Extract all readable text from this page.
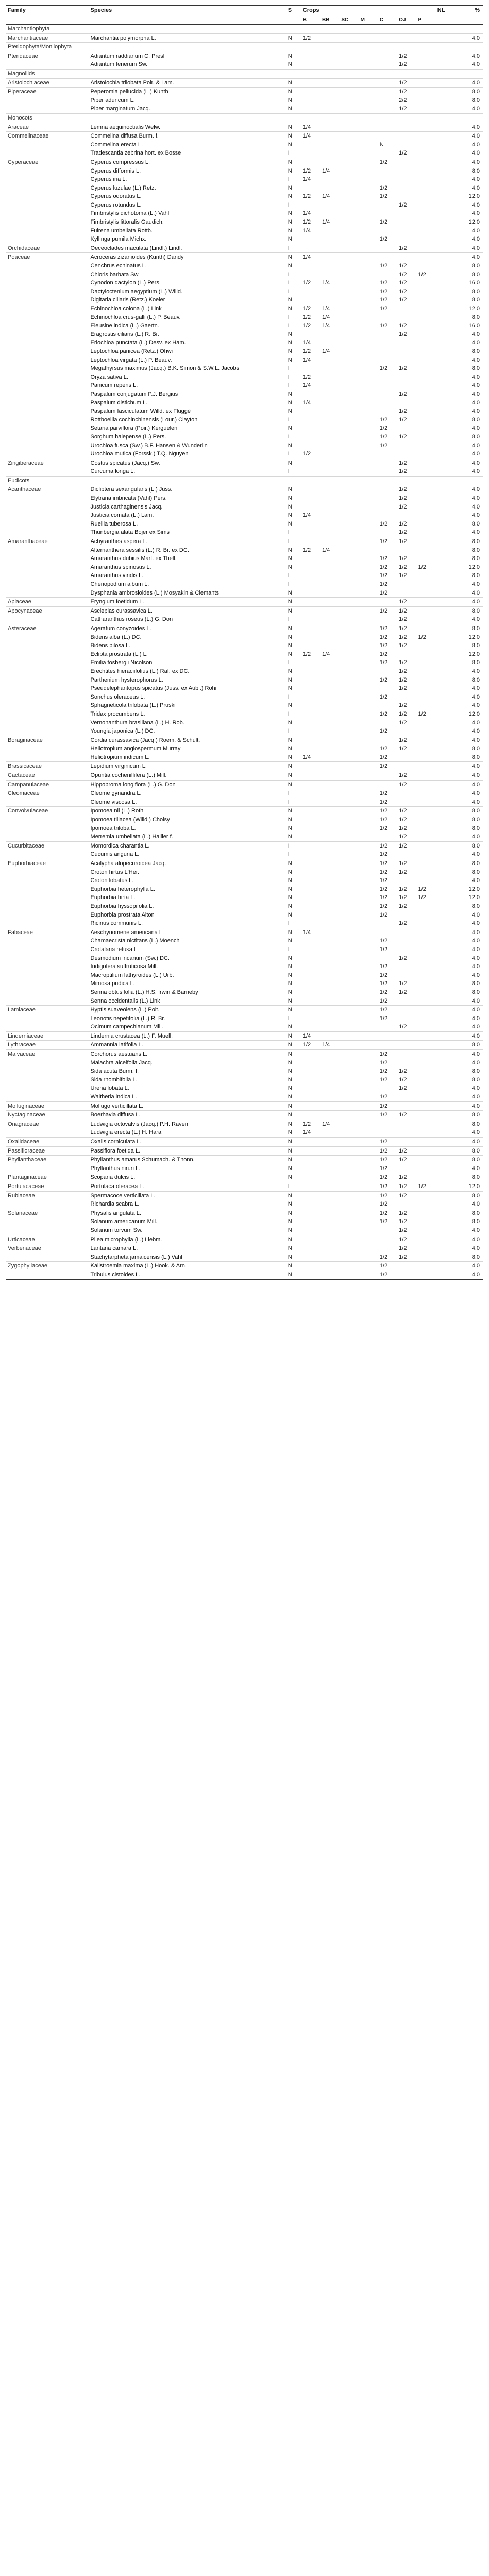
Family	Species	S	Crops							NL	%
			B	BB	SC	M	C	OJ	P		
Marchantiophyta											
Marchantiaceae	Marchantia polymorpha L.	N	1/2								4.0
Pteridophyta/Monilophyta											
Pteridaceae	Adiantum raddianum C. Presl	N						1/2			4.0
	Adiantum tenerum Sw.	N						1/2			4.0
Magnoliids											
Aristolochiaceae	Aristolochia trilobata Poir. & Lam.	N						1/2			4.0
Piperaceae	Peperomia pellucida (L.) Kunth	N						1/2			8.0
	Piper aduncum L.	N						2/2			8.0
	Piper marginatum Jacq.	N						1/2			4.0
Monocots											
Araceae	Lemna aequinoctialis Welw.	N	1/4								4.0
Commelinaceae	Commelina diffusa Burm. f.	N	1/4								4.0
	Commelina erecta L.	N					N				4.0
	Tradescantia zebrina hort. ex Bosse	I						1/2			4.0
Cyperaceae	Cyperus compressus L.	N					1/2				4.0
	Cyperus difformis L.	N	1/2	1/4							8.0
	Cyperus iria L.	I	1/4								4.0
	Cyperus luzulae (L.) Retz.	N					1/2				4.0
	Cyperus odoratus L.	N	1/2	1/4			1/2				12.0
	Cyperus rotundus L.	I						1/2			4.0
	Fimbristylis dichotoma (L.) Vahl	N	1/4								4.0
	Fimbristylis littoralis Gaudich.	N	1/2	1/4			1/2				12.0
	Fuirena umbellata Rottb.	N	1/4								4.0
	Kyllinga pumila Michx.	N					1/2				4.0
Orchidaceae	Oeceoclades maculata (Lindl.) Lindl.	I						1/2			4.0
Poaceae	Acroceras zizanioides (Kunth) Dandy	N	1/4								4.0
	Cenchrus echinatus L.	N					1/2	1/2			8.0
	Chloris barbata Sw.	I						1/2	1/2		8.0
	Cynodon dactylon (L.) Pers.	I	1/2	1/4			1/2	1/2			16.0
	Dactyloctenium aegyptium (L.) Willd.	I					1/2	1/2			8.0
	Digitaria ciliaris (Retz.) Koeler	N					1/2	1/2			8.0
	Echinochloa colona (L.) Link	N	1/2	1/4			1/2				12.0
	Echinochloa crus-galli (L.) P. Beauv.	I	1/2	1/4							8.0
	Eleusine indica (L.) Gaertn.	I	1/2	1/4			1/2	1/2			16.0
	Eragrostis ciliaris (L.) R. Br.	N						1/2			4.0
	Eriochloa punctata (L.) Desv. ex Ham.	N	1/4								4.0
	Leptochloa panicea (Retz.) Ohwi	N	1/2	1/4							8.0
	Leptochloa virgata (L.) P. Beauv.	N	1/4								4.0
	Megathyrsus maximus (Jacq.) B.K. Simon & S.W.L. Jacobs	I					1/2	1/2			8.0
	Oryza sativa L.	I	1/2								4.0
	Panicum repens L.	I	1/4								4.0
	Paspalum conjugatum P.J. Bergius	N						1/2			4.0
	Paspalum distichum L.	N	1/4								4.0
	Paspalum fasciculatum Willd. ex Flüggé	N						1/2			4.0
	Rottboellia cochinchinensis (Lour.) Clayton	I					1/2	1/2			8.0
	Setaria parviflora (Poir.) Kerguélen	N					1/2				4.0
	Sorghum halepense (L.) Pers.	I					1/2	1/2			8.0
	Urochloa fusca (Sw.) B.F. Hansen & Wunderlin	N					1/2				4.0
	Urochloa mutica (Forssk.) T.Q. Nguyen	I	1/2								4.0
Zingiberaceae	Costus spicatus (Jacq.) Sw.	N						1/2			4.0
	Curcuma longa L.	I						1/2			4.0
Eudicots											
Acanthaceae	Dicliptera sexangularis (L.) Juss.	N						1/2			4.0
	Elytraria imbricata (Vahl) Pers.	N						1/2			4.0
	Justicia carthaginensis Jacq.	N						1/2			4.0
	Justicia comata (L.) Lam.	N	1/4								4.0
	Ruellia tuberosa L.	N					1/2	1/2			8.0
	Thunbergia alata Bojer ex Sims	I						1/2			4.0
Amaranthaceae	Achyranthes aspera L.	I					1/2	1/2			8.0
	Alternanthera sessilis (L.) R. Br. ex DC.	N	1/2	1/4							8.0
	Amaranthus dubius Mart. ex Thell.	N					1/2	1/2			8.0
	Amaranthus spinosus L.	N					1/2	1/2	1/2		12.0
	Amaranthus viridis L.	I					1/2	1/2			8.0
	Chenopodium album L.	I					1/2				4.0
	Dysphania ambrosioides (L.) Mosyakin & Clemants	N					1/2				4.0
Apiaceae	Eryngium foetidum L.	N						1/2			4.0
Apocynaceae	Asclepias curassavica L.	N					1/2	1/2			8.0
	Catharanthus roseus (L.) G. Don	I						1/2			4.0
Asteraceae	Ageratum conyzoides L.	N					1/2	1/2			8.0
	Bidens alba (L.) DC.	N					1/2	1/2	1/2		12.0
	Bidens pilosa L.	N					1/2	1/2			8.0
	Eclipta prostrata (L.) L.	N	1/2	1/4			1/2				12.0
	Emilia fosbergii Nicolson	I					1/2	1/2			8.0
	Erechtites hieraciifolius (L.) Raf. ex DC.	N						1/2			4.0
	Parthenium hysterophorus L.	N					1/2	1/2			8.0
	Pseudelephantopus spicatus (Juss. ex Aubl.) Rohr	N						1/2			4.0
	Sonchus oleraceus L.	I					1/2				4.0
	Sphagneticola trilobata (L.) Pruski	N						1/2			4.0
	Tridax procumbens L.	I					1/2	1/2	1/2		12.0
	Vernonanthura brasiliana (L.) H. Rob.	N						1/2			4.0
	Youngia japonica (L.) DC.	I					1/2				4.0
Boraginaceae	Cordia curassavica (Jacq.) Roem. & Schult.	N						1/2			4.0
	Heliotropium angiospermum Murray	N					1/2	1/2			8.0
	Heliotropium indicum L.	N	1/4				1/2				8.0
Brassicaceae	Lepidium virginicum L.	N					1/2				4.0
Cactaceae	Opuntia cochenillifera (L.) Mill.	N						1/2			4.0
Campanulaceae	Hippobroma longiflora (L.) G. Don	N						1/2			4.0
Cleomaceae	Cleome gynandra L.	I					1/2				4.0
	Cleome viscosa L.	I					1/2				4.0
Convolvulaceae	Ipomoea nil (L.) Roth	N					1/2	1/2			8.0
	Ipomoea tiliacea (Willd.) Choisy	N					1/2	1/2			8.0
	Ipomoea triloba L.	N					1/2	1/2			8.0
	Merremia umbellata (L.) Hallier f.	N						1/2			4.0
Cucurbitaceae	Momordica charantia L.	I					1/2	1/2			8.0
	Cucumis anguria L.	I					1/2				4.0
Euphorbiaceae	Acalypha alopecuroidea Jacq.	N					1/2	1/2			8.0
	Croton hirtus L'Hér.	N					1/2	1/2			8.0
	Croton lobatus L.	N					1/2				4.0
	Euphorbia heterophylla L.	N					1/2	1/2	1/2		12.0
	Euphorbia hirta L.	N					1/2	1/2	1/2		12.0
	Euphorbia hyssopifolia L.	N					1/2	1/2			8.0
	Euphorbia prostrata Aiton	N					1/2				4.0
	Ricinus communis L.	I						1/2			4.0
Fabaceae	Aeschynomene americana L.	N	1/4								4.0
	Chamaecrista nictitans (L.) Moench	N					1/2				4.0
	Crotalaria retusa L.	I					1/2				4.0
	Desmodium incanum (Sw.) DC.	N						1/2			4.0
	Indigofera suffruticosa Mill.	N					1/2				4.0
	Macroptilium lathyroides (L.) Urb.	N					1/2				4.0
	Mimosa pudica L.	N					1/2	1/2			8.0
	Senna obtusifolia (L.) H.S. Irwin & Barneby	N					1/2	1/2			8.0
	Senna occidentalis (L.) Link	N					1/2				4.0
Lamiaceae	Hyptis suaveolens (L.) Poit.	N					1/2				4.0
	Leonotis nepetifolia (L.) R. Br.	I					1/2				4.0
	Ocimum campechianum Mill.	N						1/2			4.0
Linderniaceae	Lindernia crustacea (L.) F. Muell.	N	1/4								4.0
Lythraceae	Ammannia latifolia L.	N	1/2	1/4							8.0
Malvaceae	Corchorus aestuans L.	N					1/2				4.0
	Malachra alceifolia Jacq.	N					1/2				4.0
	Sida acuta Burm. f.	N					1/2	1/2			8.0
	Sida rhombifolia L.	N					1/2	1/2			8.0
	Urena lobata L.	N						1/2			4.0
	Waltheria indica L.	N					1/2				4.0
Molluginaceae	Mollugo verticillata L.	N					1/2				4.0
Nyctaginaceae	Boerhavia diffusa L.	N					1/2	1/2			8.0
Onagraceae	Ludwigia octovalvis (Jacq.) P.H. Raven	N	1/2	1/4							8.0
	Ludwigia erecta (L.) H. Hara	N	1/4								4.0
Oxalidaceae	Oxalis corniculata L.	N					1/2				4.0
Passifloraceae	Passiflora foetida L.	N					1/2	1/2			8.0
Phyllanthaceae	Phyllanthus amarus Schumach. & Thonn.	N					1/2	1/2			8.0
	Phyllanthus niruri L.	N					1/2				4.0
Plantaginaceae	Scoparia dulcis L.	N					1/2	1/2			8.0
Portulacaceae	Portulaca oleracea L.	I					1/2	1/2	1/2		12.0
Rubiaceae	Spermacoce verticillata L.	N					1/2	1/2			8.0
	Richardia scabra L.	N					1/2				4.0
Solanaceae	Physalis angulata L.	N					1/2	1/2			8.0
	Solanum americanum Mill.	N					1/2	1/2			8.0
	Solanum torvum Sw.	N						1/2			4.0
Urticaceae	Pilea microphylla (L.) Liebm.	N						1/2			4.0
Verbenaceae	Lantana camara L.	N						1/2			4.0
	Stachytarpheta jamaicensis (L.) Vahl	N					1/2	1/2			8.0
Zygophyllaceae	Kallstroemia maxima (L.) Hook. & Arn.	N					1/2				4.0
	Tribulus cistoides L.	N					1/2				4.0
